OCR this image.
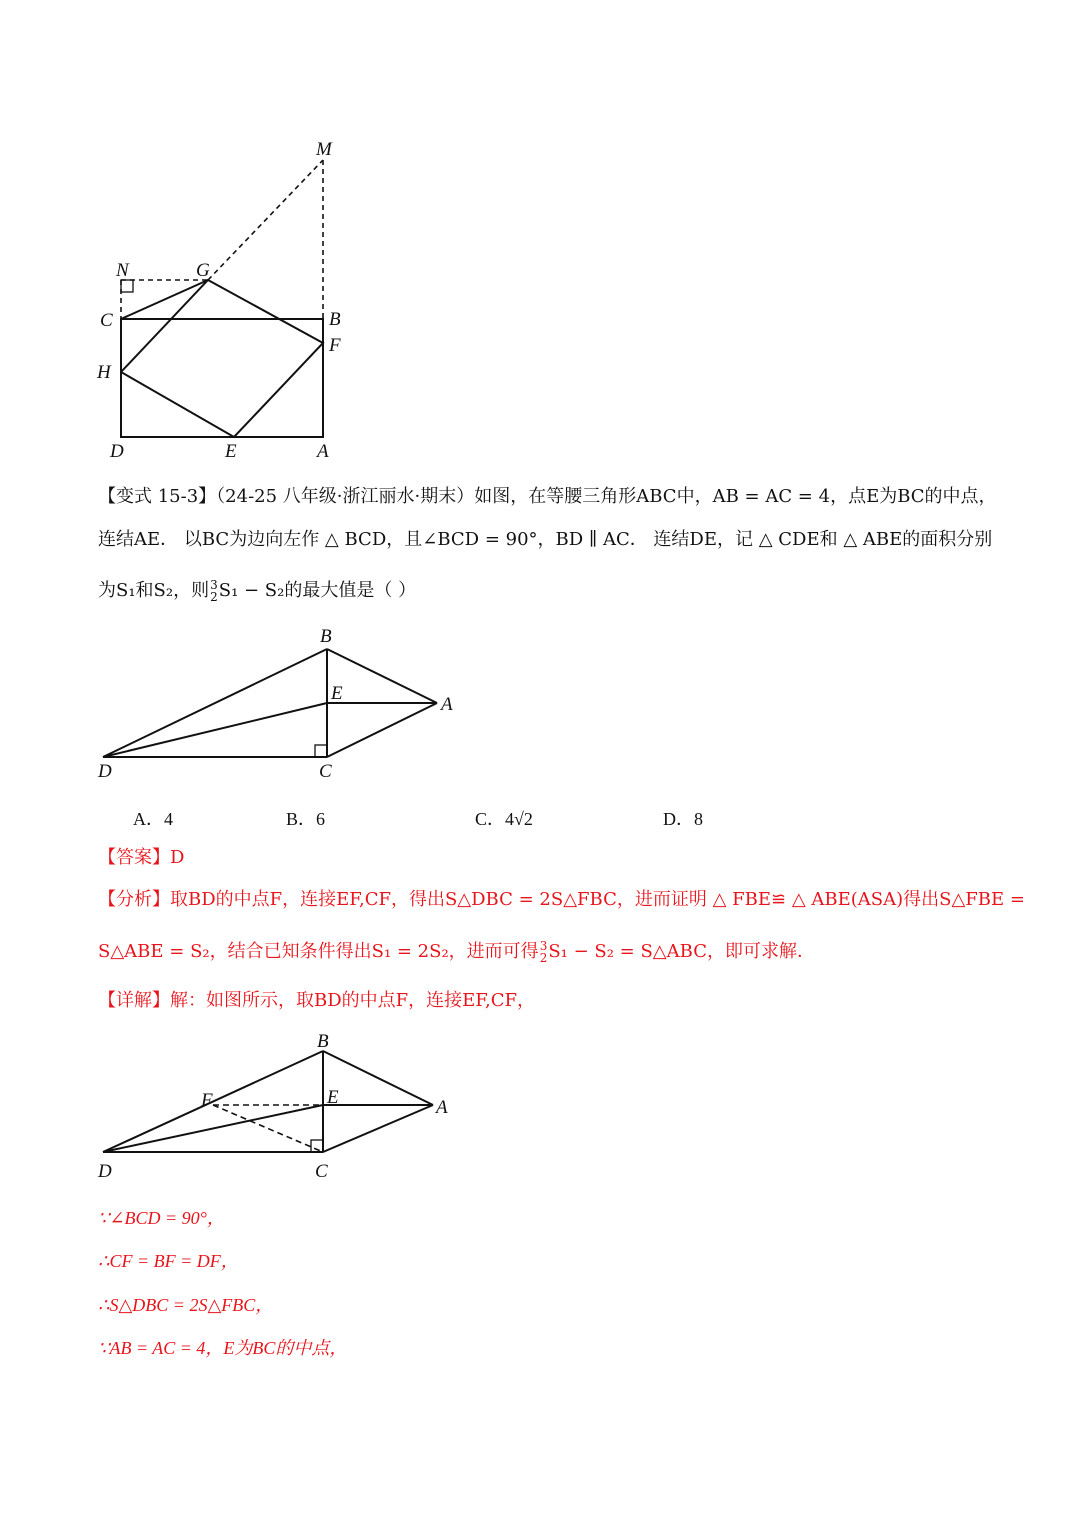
M
N	G
C	B
F
H
D	E	A
【变式 15-3】（24-25 八年级·浙江丽水·期末）如图，在等腰三角形ABC中，AB = AC = 4，点E为BC的中点，
连结AE． 以BC为边向左作 △ BCD，且∠BCD = 90°，BD ∥ AC． 连结DE，记 △ CDE和 △ ABE的面积分别
为S₁和S₂，则 3
2 S₁ − S₂的最大值是（ ）
B
E
A
D	C
A．4	B．6	C．4√2	D．8
【答案】D
【分析】取BD的中点F，连接EF,CF，得出S△DBC = 2S△FBC，进而证明 △ FBE≌ △ ABE(ASA)得出S△FBE =
S△ABE = S₂，结合已知条件得出S₁ = 2S₂，进而可得 3
2 S₁ − S₂ = S△ABC，即可求解．
【详解】解：如图所示，取BD的中点F，连接EF,CF，
B
F	E	A
D	C
∵∠BCD = 90°，
∴CF = BF = DF，
∴S△DBC = 2S△FBC，
∵AB = AC = 4，E为BC的中点，
